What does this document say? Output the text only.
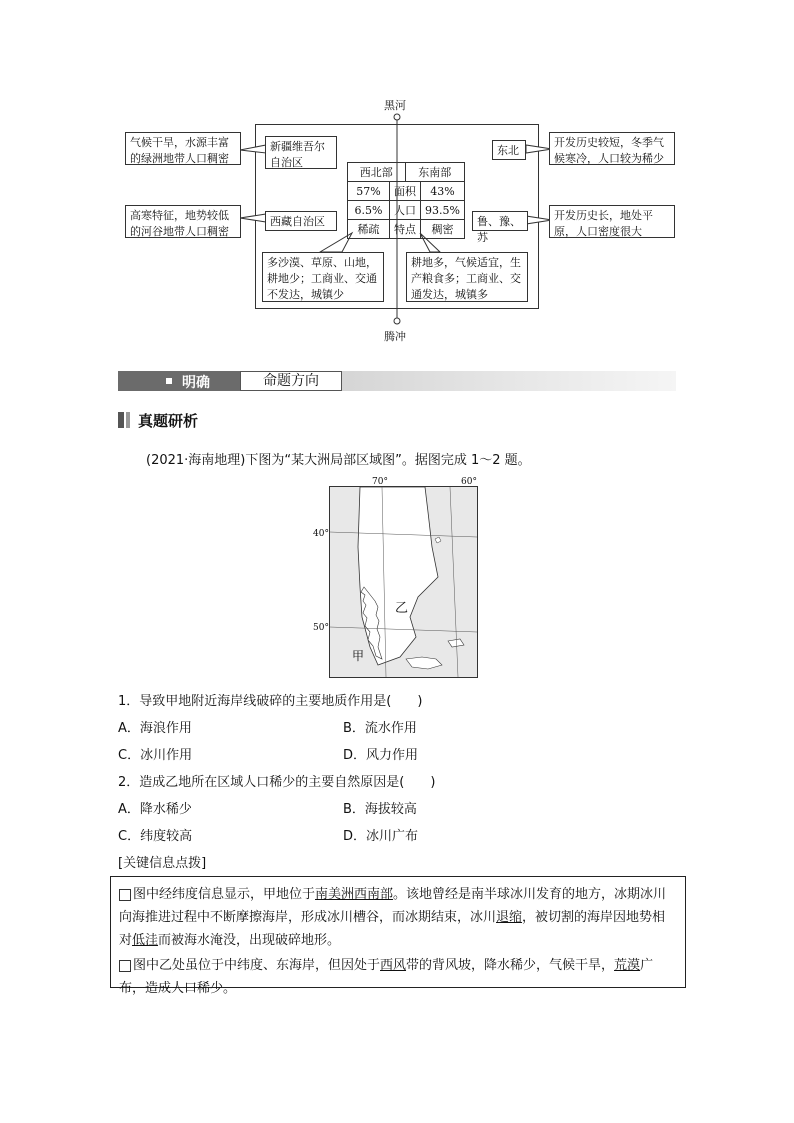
黑河
腾冲
气候干旱，水源丰富的绿洲地带人口稠密
高寒特征，地势较低的河谷地带人口稠密
开发历史较短，冬季气候寒冷，人口较为稀少
开发历史长，地处平原，人口密度很大
新疆维吾尔自治区
西藏自治区
东北
鲁、豫、苏
西北部		东南部	
57%	面积		43%
6.5%	人口		93.5%
稀疏	特点		稠密
多沙漠、草原、山地，耕地少；工商业、交通不发达，城镇少
耕地多，气候适宜，生产粮食多；工商业、交通发达，城镇多
明确	命题方向
真题研析
(2021·海南地理)下图为“某大洲局部区域图”。据图完成 1～2 题。
乙
甲
70°	60°
40°
50°
1．导致甲地附近海岸线破碎的主要地质作用是(　　)
A．海浪作用	B．流水作用
C．冰川作用	D．风力作用
2．造成乙地所在区域人口稀少的主要自然原因是(　　)
A．降水稀少	B．海拔较高
C．纬度较高	D．冰川广布
[关键信息点拨]
图中经纬度信息显示，甲地位于南美洲西南部。该地曾经是南半球冰川发育的地方，冰期冰川向海推进过程中不断摩擦海岸，形成冰川槽谷，而冰期结束，冰川退缩，被切割的海岸因地势相对低洼而被海水淹没，出现破碎地形。
图中乙处虽位于中纬度、东海岸，但因处于西风带的背风坡，降水稀少，气候干旱，荒漠广布，造成人口稀少。
